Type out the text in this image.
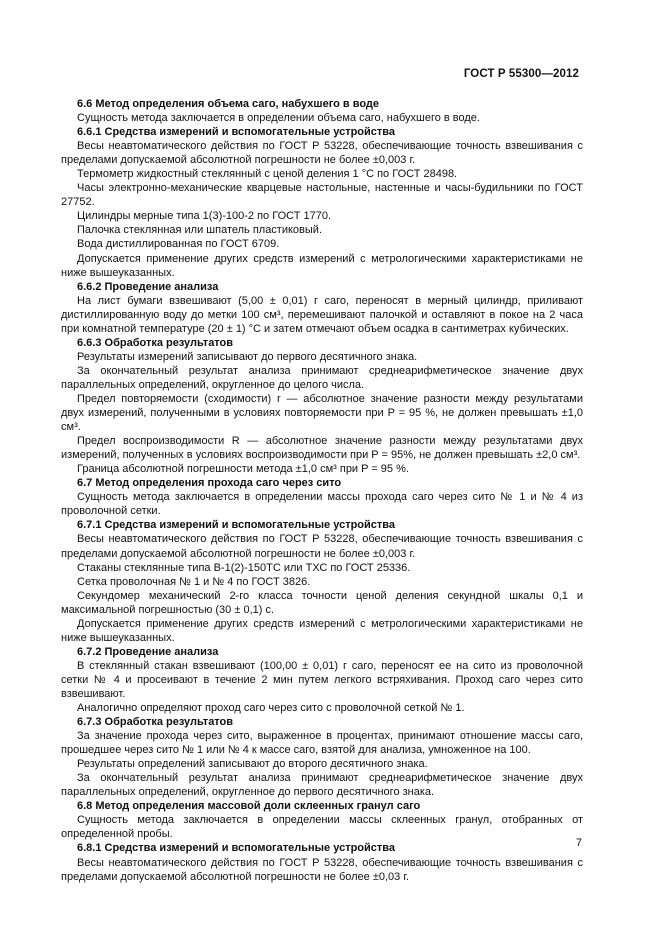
ГОСТ Р 55300—2012

6.6 Метод определения объема саго, набухшего в воде

Сущность метода заключается в определении объема саго, набухшего в воде.

6.6.1 Средства измерений и вспомогательные устройства

Весы неавтоматического действия по ГОСТ Р 53228, обеспечивающие точность взвешивания с пределами допускаемой абсолютной погрешности не более ±0,003 г.

Термометр жидкостный стеклянный с ценой деления 1 °С по ГОСТ 28498.

Часы электронно-механические кварцевые настольные, настенные и часы-будильники по ГОСТ 27752.

Цилиндры мерные типа 1(3)-100-2 по ГОСТ 1770.

Палочка стеклянная или шпатель пластиковый.

Вода дистиллированная по ГОСТ 6709.

Допускается применение других средств измерений с метрологическими характеристиками не ниже вышеуказанных.

6.6.2 Проведение анализа

На лист бумаги взвешивают (5,00 ± 0,01) г саго, переносят в мерный цилиндр, приливают дистиллированную воду до метки 100 см³, перемешивают палочкой и оставляют в покое на 2 часа при комнатной температуре (20 ± 1) °С и затем отмечают объем осадка в сантиметрах кубических.

6.6.3 Обработка результатов

Результаты измерений записывают до первого десятичного знака.

За окончательный результат анализа принимают среднеарифметическое значение двух параллельных определений, округленное до целого числа.

Предел повторяемости (сходимости) r — абсолютное значение разности между результатами двух измерений, полученными в условиях повторяемости при P = 95 %, не должен превышать ±1,0 см³.

Предел воспроизводимости R — абсолютное значение разности между результатами двух измерений, полученных в условиях воспроизводимости при P = 95%, не должен превышать ±2,0 см³.

Граница абсолютной погрешности метода ±1,0 см³ при P = 95 %.

6.7 Метод определения прохода саго через сито

Сущность метода заключается в определении массы прохода саго через сито № 1 и № 4 из проволочной сетки.

6.7.1 Средства измерений и вспомогательные устройства

Весы неавтоматического действия по ГОСТ Р 53228, обеспечивающие точность взвешивания с пределами допускаемой абсолютной погрешности не более ±0,003 г.

Стаканы стеклянные типа В-1(2)-150ТС или ТХС по ГОСТ 25336.

Сетка проволочная № 1 и № 4 по ГОСТ 3826.

Секундомер механический 2-го класса точности ценой деления секундной шкалы 0,1 и максимальной погрешностью (30 ± 0,1) с.

Допускается применение других средств измерений с метрологическими характеристиками не ниже вышеуказанных.

6.7.2 Проведение анализа

В стеклянный стакан взвешивают (100,00 ± 0,01) г саго, переносят ее на сито из проволочной сетки № 4 и просеивают в течение 2 мин путем легкого встряхивания. Проход саго через сито взвешивают.

Аналогично определяют проход саго через сито с проволочной сеткой № 1.

6.7.3 Обработка результатов

За значение прохода через сито, выраженное в процентах, принимают отношение массы саго, прошедшее через сито № 1 или № 4 к массе саго, взятой для анализа, умноженное на 100.

Результаты определений записывают до второго десятичного знака.

За окончательный результат анализа принимают среднеарифметическое значение двух параллельных определений, округленное до первого десятичного знака.

6.8 Метод определения массовой доли склеенных гранул саго

Сущность метода заключается в определении массы склеенных гранул, отобранных от определенной пробы.

6.8.1 Средства измерений и вспомогательные устройства

Весы неавтоматического действия по ГОСТ Р 53228, обеспечивающие точность взвешивания с пределами допускаемой абсолютной погрешности не более ±0,03 г.

7
